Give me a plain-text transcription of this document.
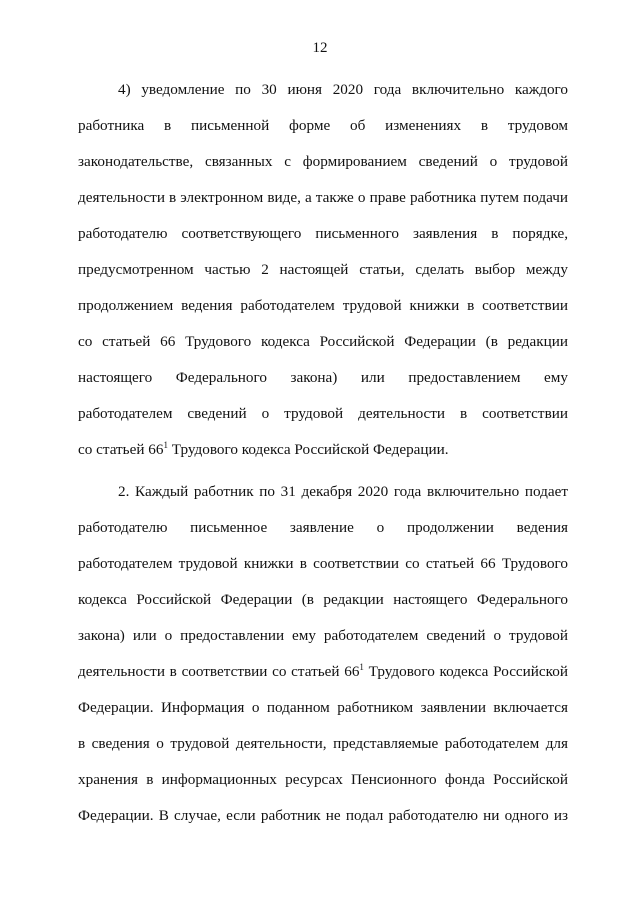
12
4) уведомление по 30 июня 2020 года включительно каждого
работника в письменной форме об изменениях в трудовом
законодательстве, связанных с формированием сведений о трудовой
деятельности в электронном виде, а также о праве работника путем подачи
работодателю соответствующего письменного заявления в порядке,
предусмотренном частью 2 настоящей статьи, сделать выбор между
продолжением ведения работодателем трудовой книжки в соответствии
со статьей 66 Трудового кодекса Российской Федерации (в редакции
настоящего Федерального закона) или предоставлением ему
работодателем сведений о трудовой деятельности в соответствии
со статьей $66^1$ Трудового кодекса Российской Федерации.
2. Каждый работник по 31 декабря 2020 года включительно подает
работодателю письменное заявление о продолжении ведения
работодателем трудовой книжки в соответствии со статьей 66 Трудового
кодекса Российской Федерации (в редакции настоящего Федерального
закона) или о предоставлении ему работодателем сведений о трудовой
деятельности в соответствии со статьей $66^1$ Трудового кодекса Российской
Федерации. Информация о поданном работником заявлении включается
в сведения о трудовой деятельности, представляемые работодателем для
хранения в информационных ресурсах Пенсионного фонда Российской
Федерации. В случае, если работник не подал работодателю ни одного из
